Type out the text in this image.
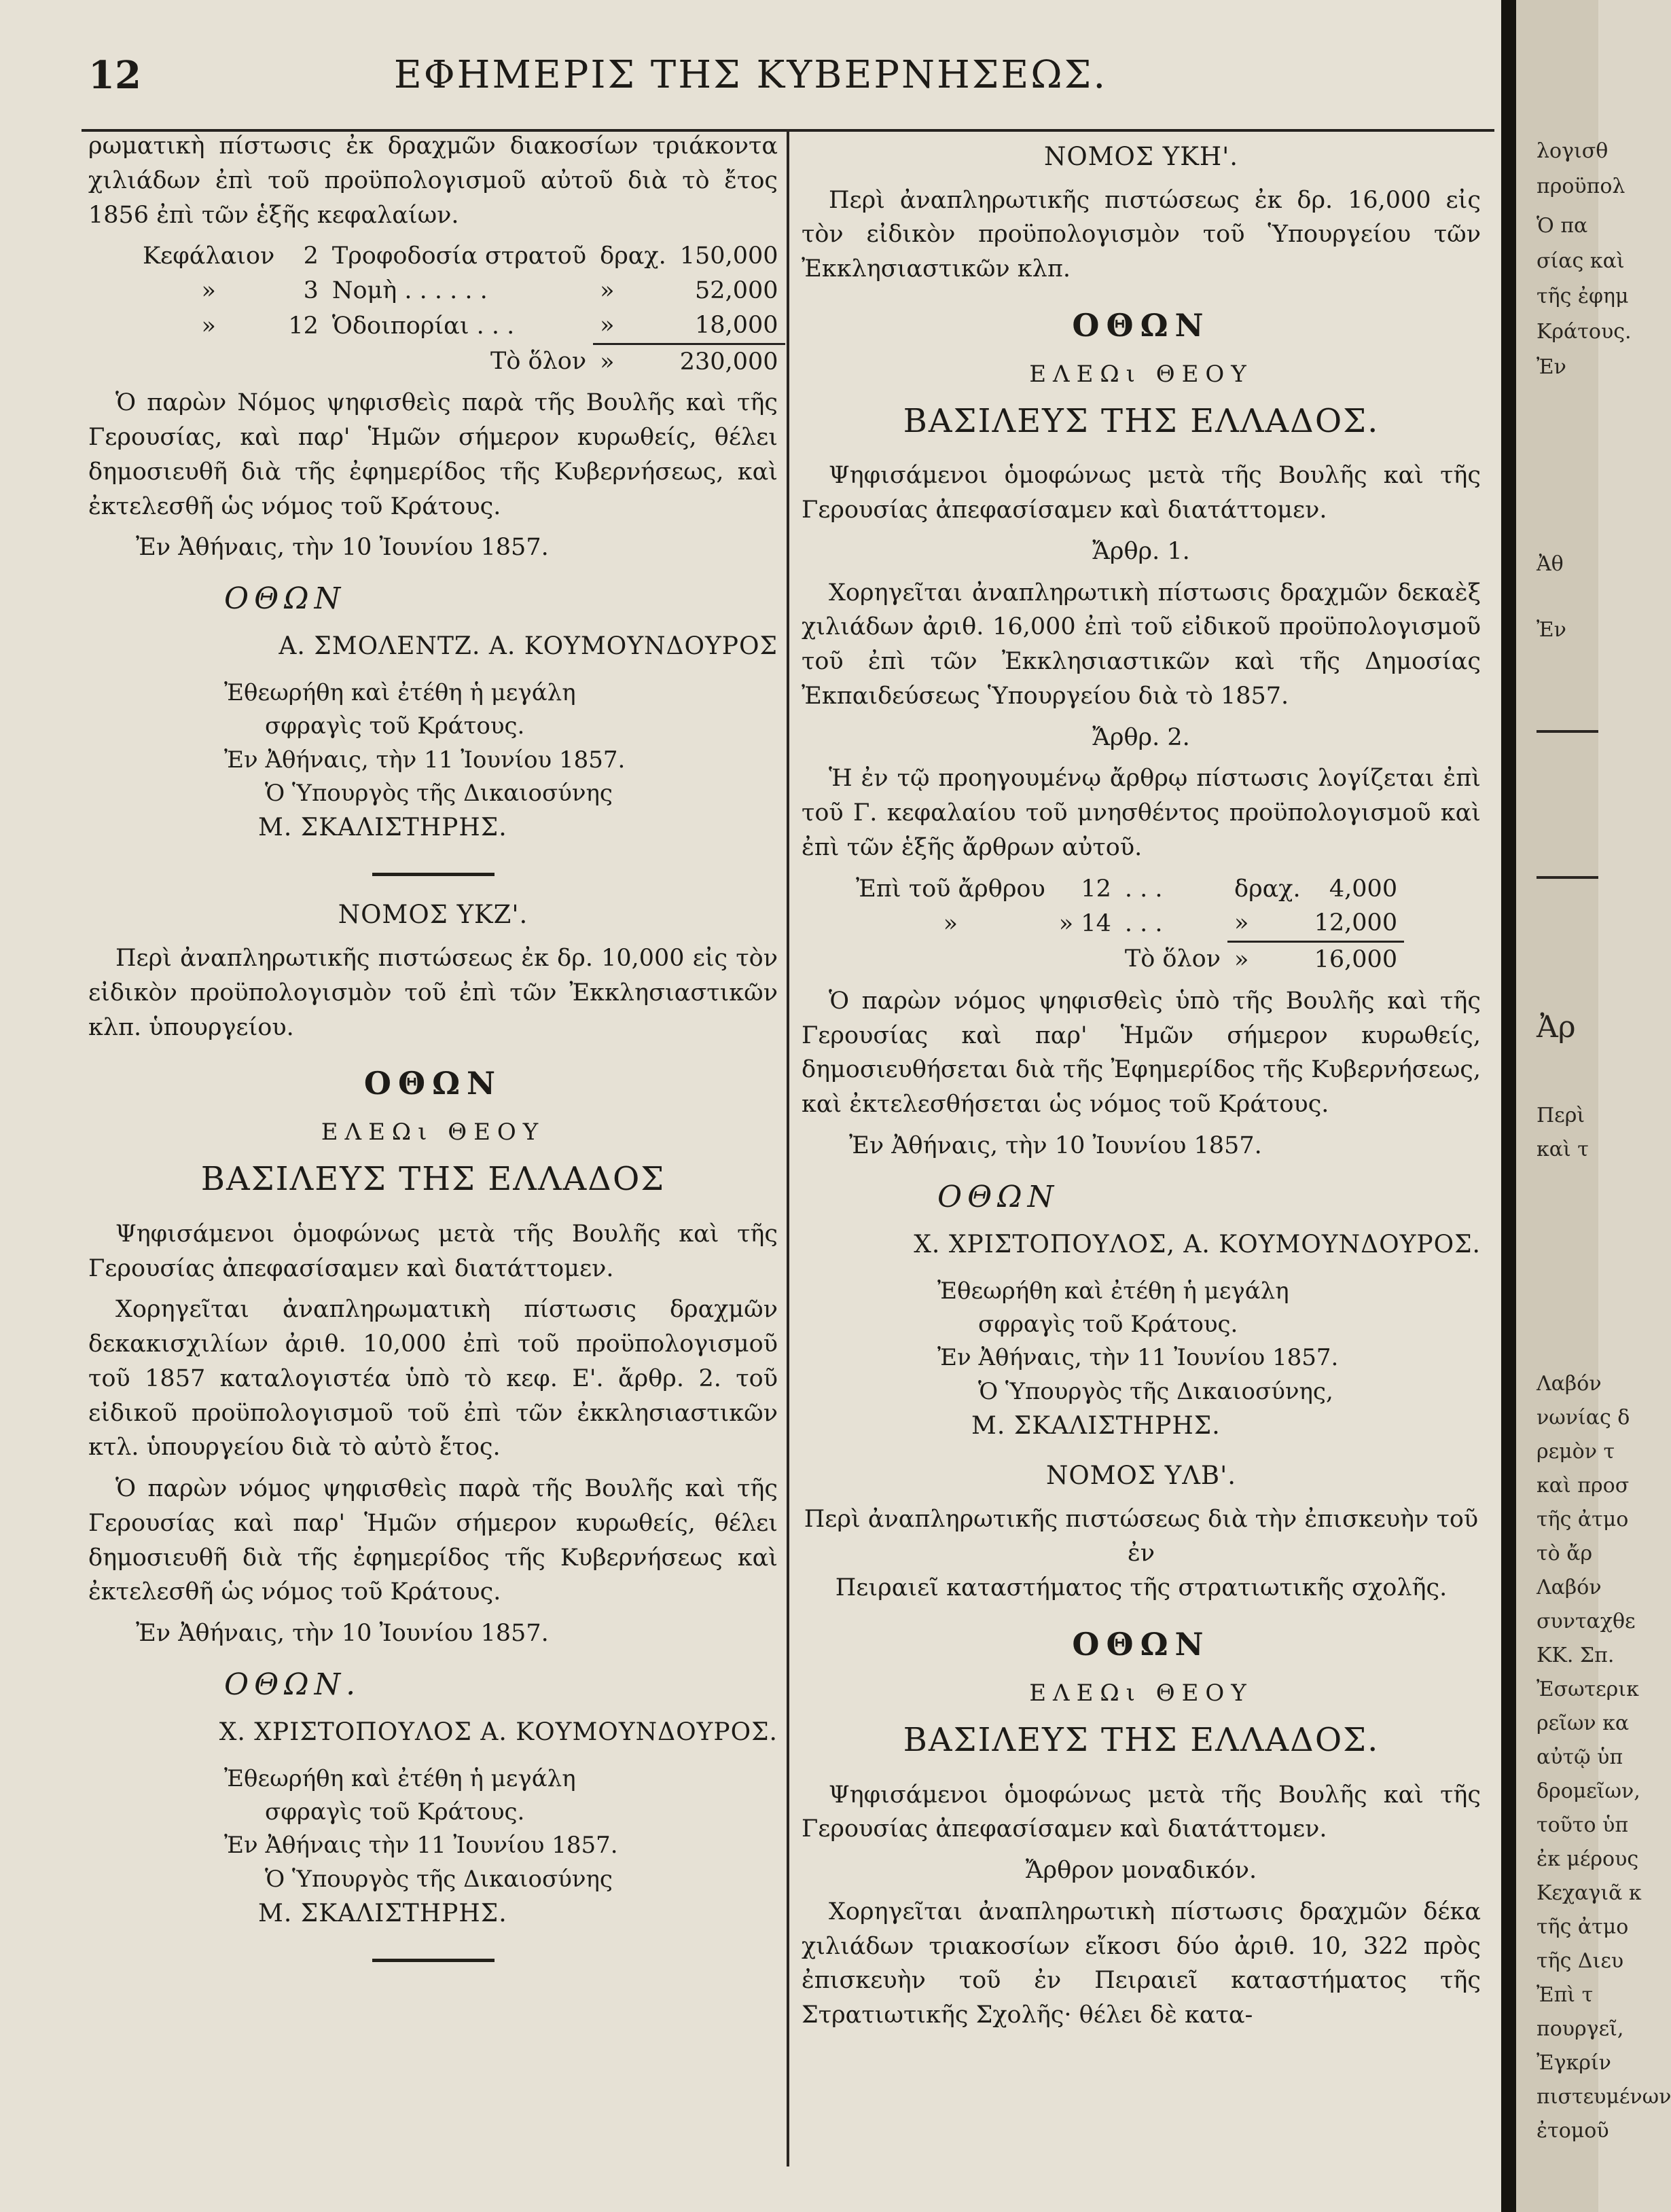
12	ΕΦΗΜΕΡΙΣ ΤΗΣ ΚΥΒΕΡΝΗΣΕΩΣ.

ρωματικὴ πίστωσις ἐκ δραχμῶν διακοσίων τριάκοντα χιλιάδων ἐπὶ τοῦ προϋπολογισμοῦ αὐτοῦ διὰ τὸ ἔτος 1856 ἐπὶ τῶν ἑξῆς κεφαλαίων.

Κεφάλαιον	2	Τροφοδοσία στρατοῦ	δραχ.	150,000
»	3	Νομὴ . . . . . .	»	52,000
»	12	Ὁδοιπορίαι . . .	»	18,000
		Τὸ ὅλον	»	230,000

Ὁ παρὼν Νόμος ψηφισθεὶς παρὰ τῆς Βουλῆς καὶ τῆς Γερουσίας, καὶ παρ' Ἡμῶν σήμερον κυρωθείς, θέλει δημοσιευθῆ διὰ τῆς ἐφημερίδος τῆς Κυβερνήσεως, καὶ ἐκτελεσθῆ ὡς νόμος τοῦ Κράτους.

Ἐν Ἀθήναις, τὴν 10 Ἰουνίου 1857.

ΟΘΩΝ
Α. ΣΜΟΛΕΝΤΖ. Α. ΚΟΥΜΟΥΝΔΟΥΡΟΣ
Ἐθεωρήθη καὶ ἐτέθη ἡ μεγάλη
σφραγὶς τοῦ Κράτους.
Ἐν Ἀθήναις, τὴν 11 Ἰουνίου 1857.
Ὁ Ὑπουργὸς τῆς Δικαιοσύνης
Μ. ΣΚΑΛΙΣΤΗΡΗΣ.
ΝΟΜΟΣ ΥΚΖ'.

Περὶ ἀναπληρωτικῆς πιστώσεως ἐκ δρ. 10,000 εἰς τὸν εἰδικὸν προϋπολογισμὸν τοῦ ἐπὶ τῶν Ἐκκλησιαστικῶν κλπ. ὑπουργείου.

ΟΘΩΝ
ΕΛΕΩι ΘΕΟΥ
ΒΑΣΙΛΕΥΣ ΤΗΣ ΕΛΛΑΔΟΣ

Ψηφισάμενοι ὁμοφώνως μετὰ τῆς Βουλῆς καὶ τῆς Γερουσίας ἀπεφασίσαμεν καὶ διατάττομεν.

Χορηγεῖται ἀναπληρωματικὴ πίστωσις δραχμῶν δεκακισχιλίων ἀριθ. 10,000 ἐπὶ τοῦ προϋπολογισμοῦ τοῦ 1857 καταλογιστέα ὑπὸ τὸ κεφ. Ε'. ἄρθρ. 2. τοῦ εἰδικοῦ προϋπολογισμοῦ τοῦ ἐπὶ τῶν ἐκκλησιαστικῶν κτλ. ὑπουργείου διὰ τὸ αὐτὸ ἔτος.

Ὁ παρὼν νόμος ψηφισθεὶς παρὰ τῆς Βουλῆς καὶ τῆς Γερουσίας καὶ παρ' Ἡμῶν σήμερον κυρωθείς, θέλει δημοσιευθῆ διὰ τῆς ἐφημερίδος τῆς Κυβερνήσεως καὶ ἐκτελεσθῆ ὡς νόμος τοῦ Κράτους.

Ἐν Ἀθήναις, τὴν 10 Ἰουνίου 1857.

ΟΘΩΝ.
Χ. ΧΡΙΣΤΟΠΟΥΛΟΣ Α. ΚΟΥΜΟΥΝΔΟΥΡΟΣ.
Ἐθεωρήθη καὶ ἐτέθη ἡ μεγάλη
σφραγὶς τοῦ Κράτους.
Ἐν Ἀθήναις τὴν 11 Ἰουνίου 1857.
Ὁ Ὑπουργὸς τῆς Δικαιοσύνης
Μ. ΣΚΑΛΙΣΤΗΡΗΣ.
ΝΟΜΟΣ ΥΚΗ'.

Περὶ ἀναπληρωτικῆς πιστώσεως ἐκ δρ. 16,000 εἰς τὸν εἰδικὸν προϋπολογισμὸν τοῦ Ὑπουργείου τῶν Ἐκκλησιαστικῶν κλπ.

ΟΘΩΝ
ΕΛΕΩι ΘΕΟΥ
ΒΑΣΙΛΕΥΣ ΤΗΣ ΕΛΛΑΔΟΣ.

Ψηφισάμενοι ὁμοφώνως μετὰ τῆς Βουλῆς καὶ τῆς Γερουσίας ἀπεφασίσαμεν καὶ διατάττομεν.

Ἄρθρ. 1.

Χορηγεῖται ἀναπληρωτικὴ πίστωσις δραχμῶν δεκαὲξ χιλιάδων ἀριθ. 16,000 ἐπὶ τοῦ εἰδικοῦ προϋπολογισμοῦ τοῦ ἐπὶ τῶν Ἐκκλησιαστικῶν καὶ τῆς Δημοσίας Ἐκπαιδεύσεως Ὑπουργείου διὰ τὸ 1857.

Ἄρθρ. 2.

Ἡ ἐν τῷ προηγουμένῳ ἄρθρῳ πίστωσις λογίζεται ἐπὶ τοῦ Γ. κεφαλαίου τοῦ μνησθέντος προϋπολογισμοῦ καὶ ἐπὶ τῶν ἑξῆς ἄρθρων αὐτοῦ.

Ἐπὶ τοῦ ἄρθρου	12	. . .	δραχ.	4,000
»	» 14	. . .	»	12,000
		Τὸ ὅλον	»	16,000

Ὁ παρὼν νόμος ψηφισθεὶς ὑπὸ τῆς Βουλῆς καὶ τῆς Γερουσίας καὶ παρ' Ἡμῶν σήμερον κυρωθείς, δημοσιευθήσεται διὰ τῆς Ἐφημερίδος τῆς Κυβερνήσεως, καὶ ἐκτελεσθήσεται ὡς νόμος τοῦ Κράτους.

Ἐν Ἀθήναις, τὴν 10 Ἰουνίου 1857.

ΟΘΩΝ
Χ. ΧΡΙΣΤΟΠΟΥΛΟΣ, Α. ΚΟΥΜΟΥΝΔΟΥΡΟΣ.
Ἐθεωρήθη καὶ ἐτέθη ἡ μεγάλη
σφραγὶς τοῦ Κράτους.
Ἐν Ἀθήναις, τὴν 11 Ἰουνίου 1857.
Ὁ Ὑπουργὸς τῆς Δικαιοσύνης,
Μ. ΣΚΑΛΙΣΤΗΡΗΣ.
ΝΟΜΟΣ ΥΛΒ'.
Περὶ ἀναπληρωτικῆς πιστώσεως διὰ τὴν ἐπισκευὴν τοῦ ἐν
Πειραιεῖ καταστήματος τῆς στρατιωτικῆς σχολῆς.
ΟΘΩΝ
ΕΛΕΩι ΘΕΟΥ
ΒΑΣΙΛΕΥΣ ΤΗΣ ΕΛΛΑΔΟΣ.

Ψηφισάμενοι ὁμοφώνως μετὰ τῆς Βουλῆς καὶ τῆς Γερουσίας ἀπεφασίσαμεν καὶ διατάττομεν.

Ἄρθρον μοναδικόν.

Χορηγεῖται ἀναπληρωτικὴ πίστωσις δραχμῶν δέκα χιλιάδων τριακοσίων εἴκοσι δύο ἀριθ. 10, 322 πρὸς ἐπισκευὴν τοῦ ἐν Πειραιεῖ καταστήματος τῆς Στρατιωτικῆς Σχολῆς· θέλει δὲ κατα-

λογισθ
προϋπολ
Ὁ πα
σίας καὶ
τῆς ἐφημ
Κράτους.
Ἐν
Ἀθ
Ἐν
Ἀρ
Περὶ
καὶ τ
Λαβόν
νωνίας δ
ρεμὸν τ
καὶ προσ
τῆς ἀτμο
τὸ ἄρ
Λαβόν
συνταχθε
ΚΚ. Σπ.
Ἐσωτερικ
ρεῖων κα
αὐτῷ ὑπ
δρομεῖων,
τοῦτο ὑπ
ἐκ μέρους
Κεχαγιᾶ κ
τῆς ἀτμο
τῆς Διευ
Ἐπὶ τ
πουργεῖ,
Ἐγκρίν
πιστευμένων
ἐτομοῦ
